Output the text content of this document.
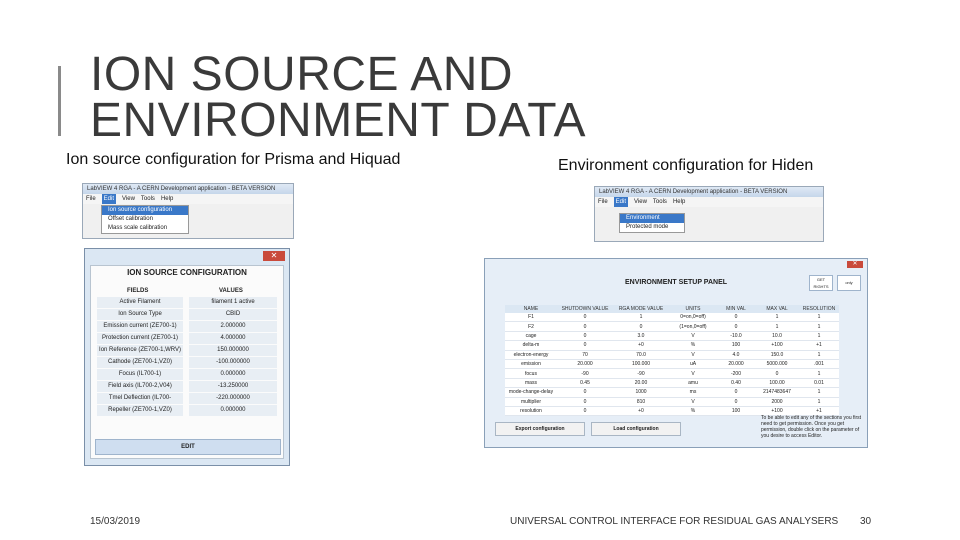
ION SOURCE AND
ENVIRONMENT DATA
Ion source configuration for Prisma and Hiquad	Environment configuration for Hiden
LabVIEW 4 RGA - A CERN Development application - BETA VERSION
File	Edit	View Tools Help
Ion source configuration
Offset calibration
Mass scale calibration
LabVIEW 4 RGA - A CERN Development application - BETA VERSION
File	Edit	View Tools Help
Environment
Protected mode
✕
ION SOURCE CONFIGURATION
FIELDS	VALUES
Active Filament	filament 1 active
Ion Source Type	CBID
Emission current (ZE700-1)	2.000000
Protection current (ZE700-1)	4.000000
Ion Reference (ZE700-1,WRV)	150.000000
Cathode (ZE700-1,VZ0)	-100.000000
Focus (IL700-1)	0.000000
Field axis (IL700-2,V04)	-13.250000
Tmel Deflection (IL700-	-220.000000
Repeller (ZE700-1,VZ0)	0.000000
EDIT
✕
ENVIRONMENT SETUP PANEL	GET
RIGHTS
only
NAME	SHUTDOWN VALUE	RGA MODE VALUE	UNITS	MIN VAL	MAX VAL	RESOLUTION
F1	0	1	0=on,0=off)	0	1	1
F2	0	0	(1=on,0=off)	0	1	1
cage	0	3.0	V	-10.0	10.0	1
delta-m	0	+0	%	100	+100	+1
electron-energy	70	70.0	V	4.0	150.0	1
emission	20.000	100.000	uA	20.000	5000.000	.001
focus	-90	-90	V	-200	0	1
mass	0.45	20.00	amu	0.40	100.00	0.01
mode-change-delay	0	1000	ms	0	2147483647	1
multiplier	0	810	V	0	2000	1
resolution	0	+0	%	100	+100	+1
Export configuration	Load configuration
To be able to edit any of the sections you first need to get permission. Once you get permission, double click on the parameter of you desire to access Editor.
15/03/2019	UNIVERSAL CONTROL INTERFACE FOR RESIDUAL GAS ANALYSERS 30
